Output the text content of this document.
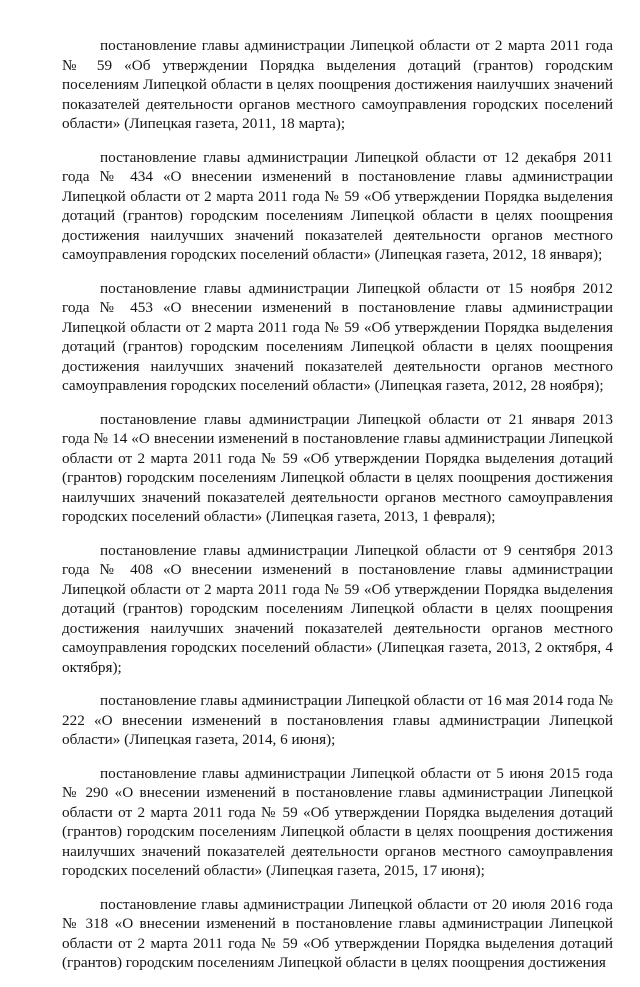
постановление главы администрации Липецкой области от 2 марта 2011 года № 59 «Об утверждении Порядка выделения дотаций (грантов) городским поселениям Липецкой области в целях поощрения достижения наилучших значений показателей деятельности органов местного самоуправления городских поселений области» (Липецкая газета, 2011, 18 марта);

постановление главы администрации Липецкой области от 12 декабря 2011 года № 434 «О внесении изменений в постановление главы администрации Липецкой области от 2 марта 2011 года № 59 «Об утверждении Порядка выделения дотаций (грантов) городским поселениям Липецкой области в целях поощрения достижения наилучших значений показателей деятельности органов местного самоуправления городских поселений области» (Липецкая газета, 2012, 18 января);

постановление главы администрации Липецкой области от 15 ноября 2012 года № 453 «О внесении изменений в постановление главы администрации Липецкой области от 2 марта 2011 года № 59 «Об утверждении Порядка выделения дотаций (грантов) городским поселениям Липецкой области в целях поощрения достижения наилучших значений показателей деятельности органов местного самоуправления городских поселений области» (Липецкая газета, 2012, 28 ноября);

постановление главы администрации Липецкой области от 21 января 2013 года № 14 «О внесении изменений в постановление главы администрации Липецкой области от 2 марта 2011 года № 59 «Об утверждении Порядка выделения дотаций (грантов) городским поселениям Липецкой области в целях поощрения достижения наилучших значений показателей деятельности органов местного самоуправления городских поселений области» (Липецкая газета, 2013, 1 февраля);

постановление главы администрации Липецкой области от 9 сентября 2013 года № 408 «О внесении изменений в постановление главы администрации Липецкой области от 2 марта 2011 года № 59 «Об утверждении Порядка выделения дотаций (грантов) городским поселениям Липецкой области в целях поощрения достижения наилучших значений показателей деятельности органов местного самоуправления городских поселений области» (Липецкая газета, 2013, 2 октября, 4 октября);

постановление главы администрации Липецкой области от 16 мая 2014 года № 222 «О внесении изменений в постановления главы администрации Липецкой области» (Липецкая газета, 2014, 6 июня);

постановление главы администрации Липецкой области от 5 июня 2015 года № 290 «О внесении изменений в постановление главы администрации Липецкой области от 2 марта 2011 года № 59 «Об утверждении Порядка выделения дотаций (грантов) городским поселениям Липецкой области в целях поощрения достижения наилучших значений показателей деятельности органов местного самоуправления городских поселений области» (Липецкая газета, 2015, 17 июня);

постановление главы администрации Липецкой области от 20 июля 2016 года № 318 «О внесении изменений в постановление главы администрации Липецкой области от 2 марта 2011 года № 59 «Об утверждении Порядка выделения дотаций (грантов) городским поселениям Липецкой области в целях поощрения достижения
